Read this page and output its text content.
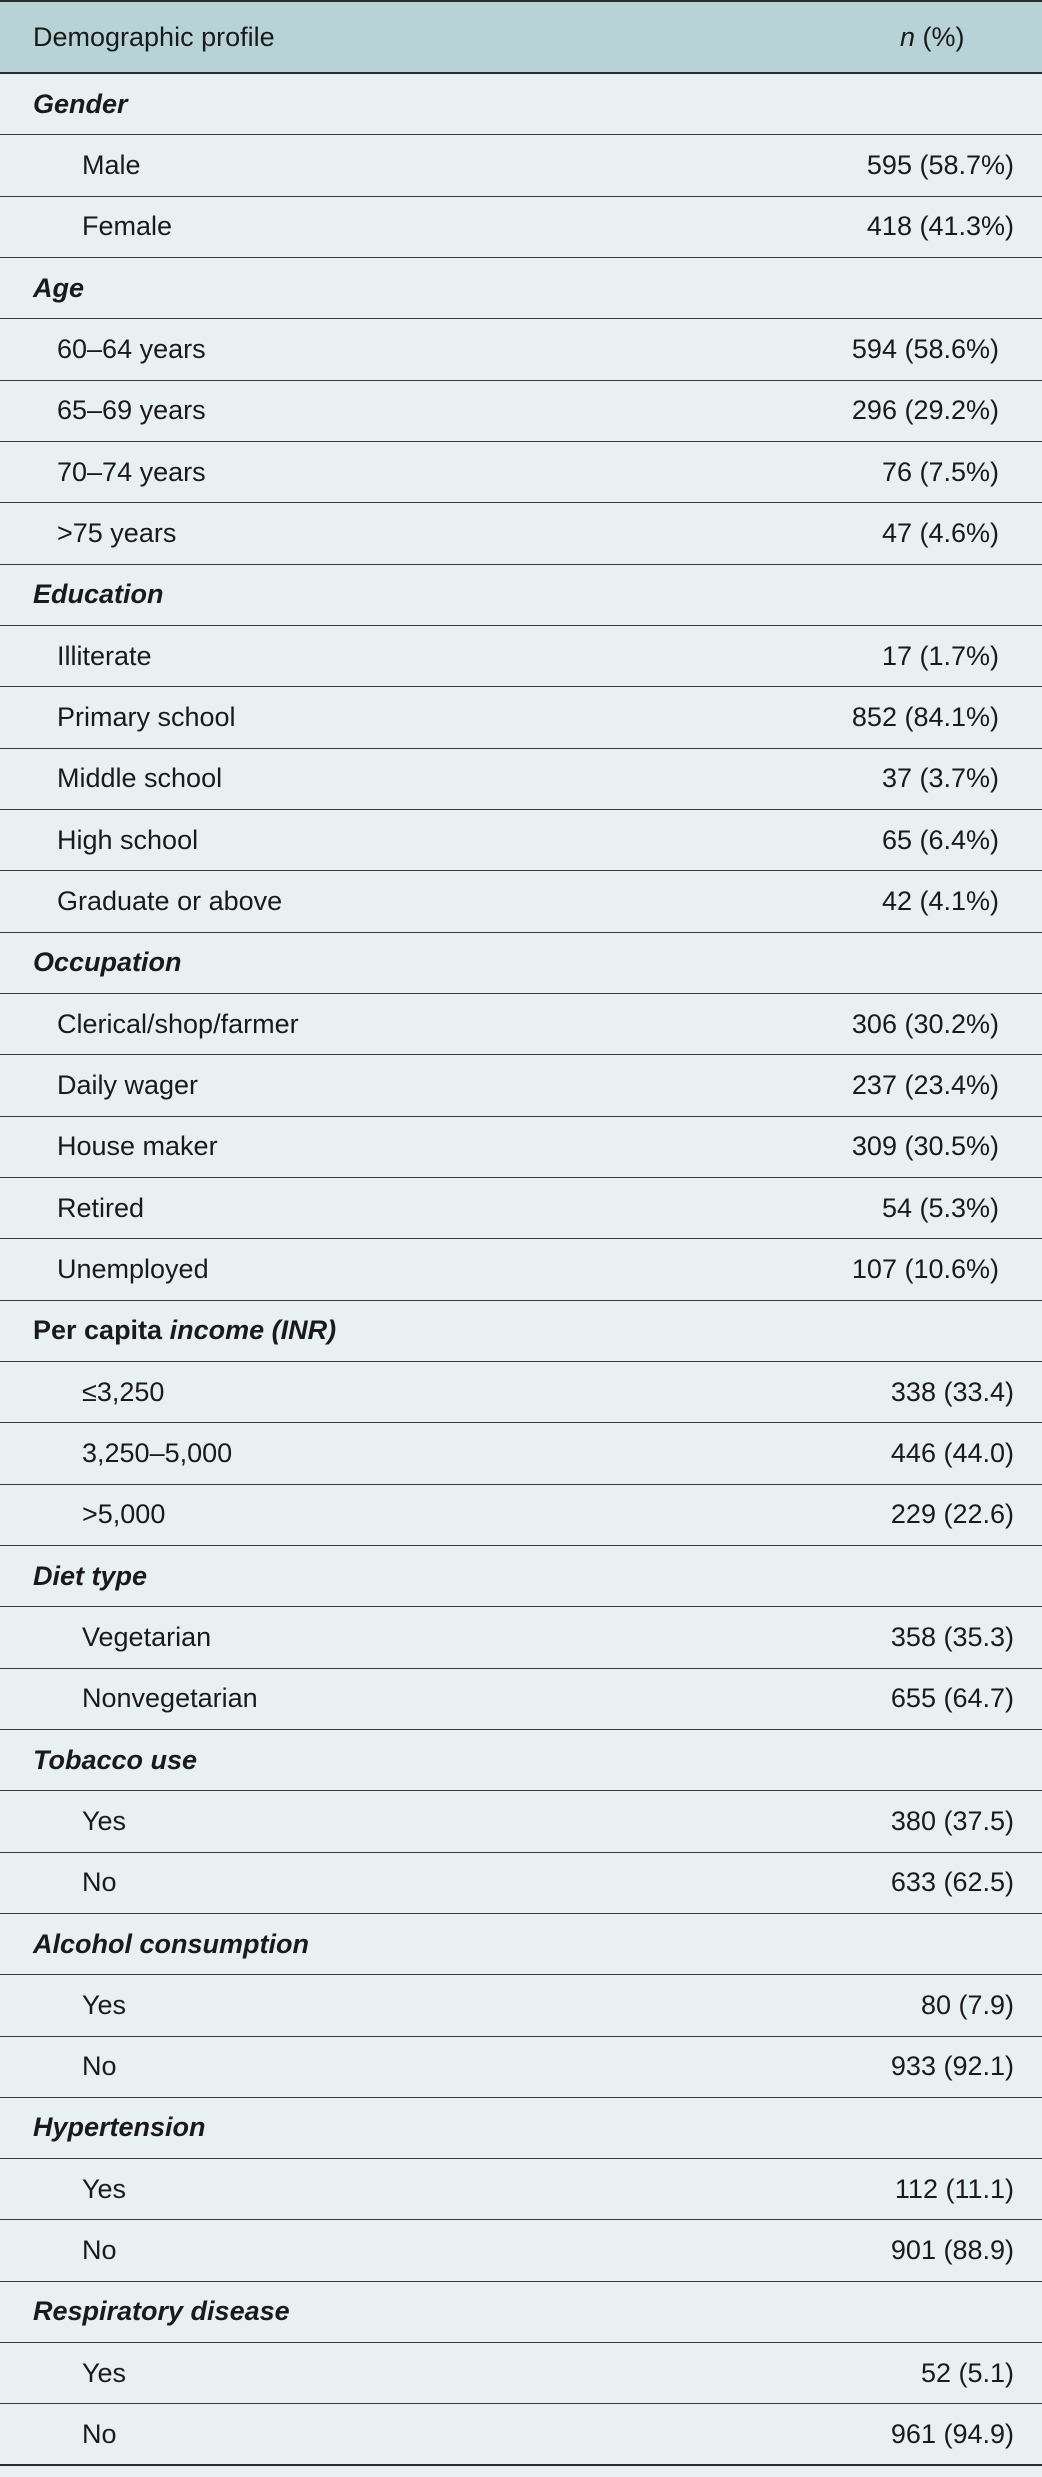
Demographic profile	n (%)
Gender
Male	595 (58.7%)
Female	418 (41.3%)
Age
60–64 years	594 (58.6%)
65–69 years	296 (29.2%)
70–74 years	76 (7.5%)
>75 years	47 (4.6%)
Education
Illiterate	17 (1.7%)
Primary school	852 (84.1%)
Middle school	37 (3.7%)
High school	65 (6.4%)
Graduate or above	42 (4.1%)
Occupation
Clerical/shop/farmer	306 (30.2%)
Daily wager	237 (23.4%)
House maker	309 (30.5%)
Retired	54 (5.3%)
Unemployed	107 (10.6%)
Per capita income (INR)
≤3,250	338 (33.4)
3,250–5,000	446 (44.0)
>5,000	229 (22.6)
Diet type
Vegetarian	358 (35.3)
Nonvegetarian	655 (64.7)
Tobacco use
Yes	380 (37.5)
No	633 (62.5)
Alcohol consumption
Yes	80 (7.9)
No	933 (92.1)
Hypertension
Yes	112 (11.1)
No	901 (88.9)
Respiratory disease
Yes	52 (5.1)
No	961 (94.9)
